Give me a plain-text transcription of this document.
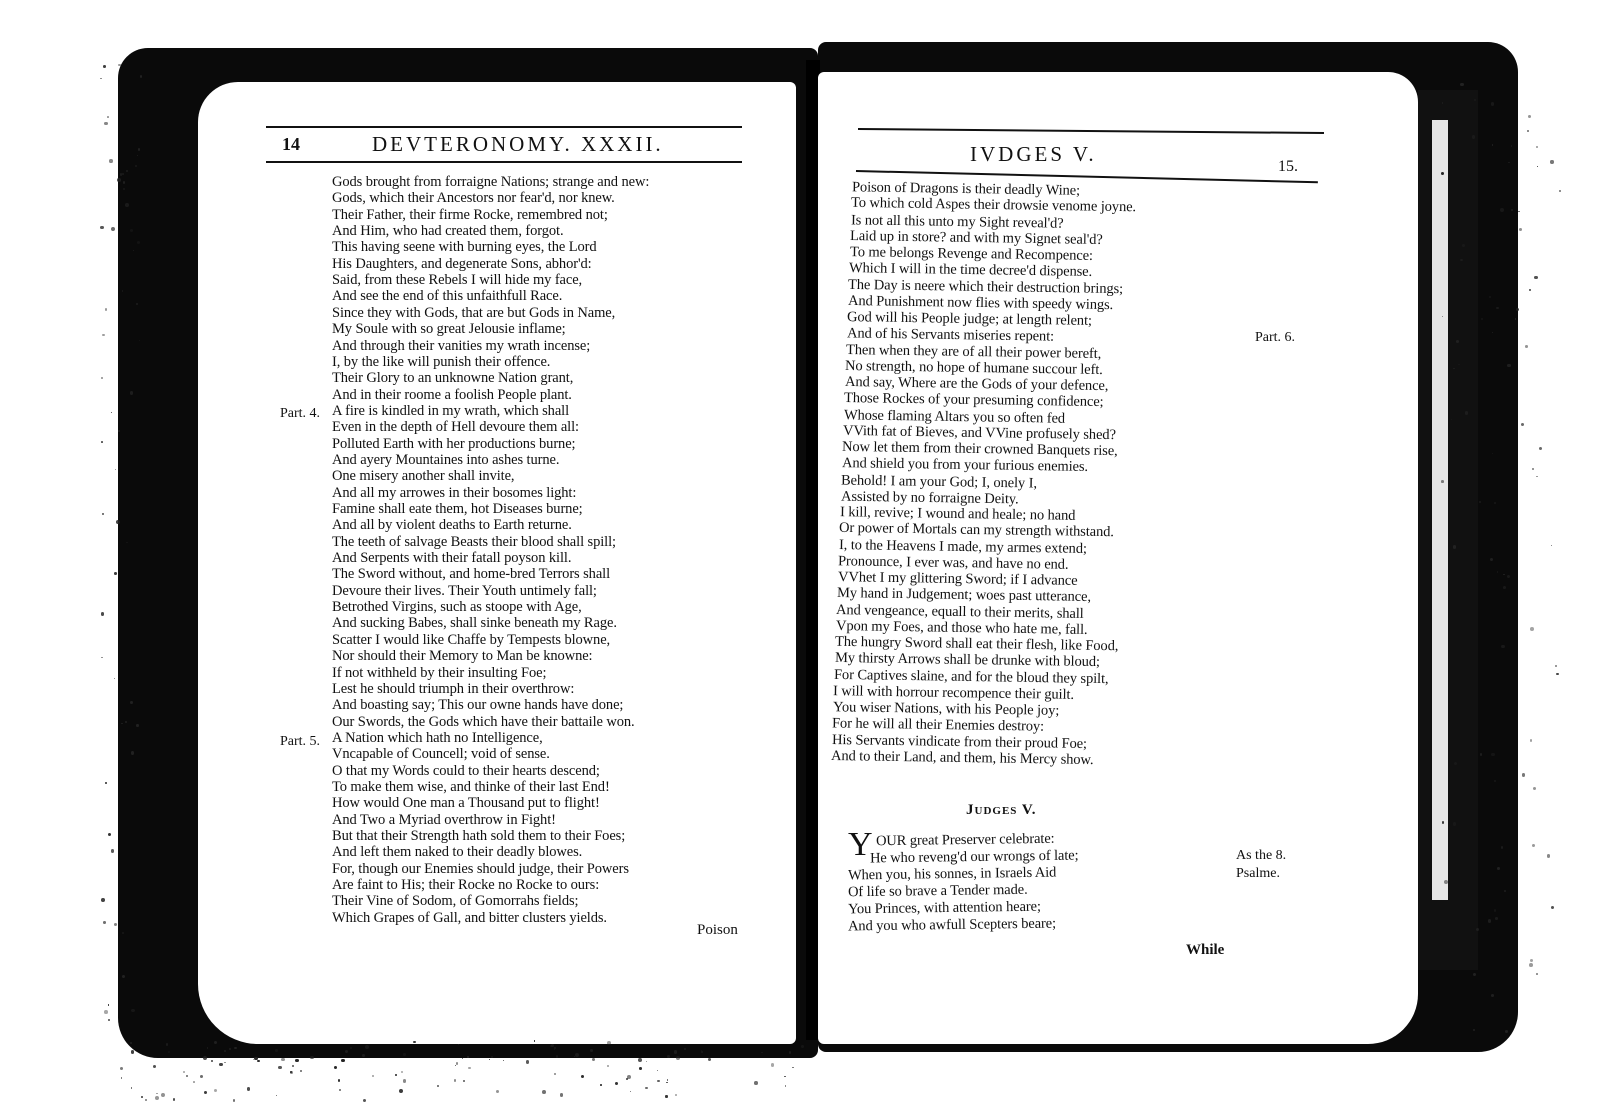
14	DEVTERONOMY. XXXII.
Gods brought from forraigne Nations; strange and new:
Gods, which their Ancestors nor fear'd, nor knew.
Their Father, their firme Rocke, remembred not;
And Him, who had created them, forgot.
This having seene with burning eyes, the Lord
His Daughters, and degenerate Sons, abhor'd:
Said, from these Rebels I will hide my face,
And see the end of this unfaithfull Race.
Since they with Gods, that are but Gods in Name,
My Soule with so great Jelousie inflame;
And through their vanities my wrath incense;
I, by the like will punish their offence.
Their Glory to an unknowne Nation grant,
And in their roome a foolish People plant.
A fire is kindled in my wrath, which shall
Even in the depth of Hell devoure them all:
Polluted Earth with her productions burne;
And ayery Mountaines into ashes turne.
One misery another shall invite,
And all my arrowes in their bosomes light:
Famine shall eate them, hot Diseases burne;
And all by violent deaths to Earth returne.
The teeth of salvage Beasts their blood shall spill;
And Serpents with their fatall poyson kill.
The Sword without, and home-bred Terrors shall
Devoure their lives. Their Youth untimely fall;
Betrothed Virgins, such as stoope with Age,
And sucking Babes, shall sinke beneath my Rage.
Scatter I would like Chaffe by Tempests blowne,
Nor should their Memory to Man be knowne:
If not withheld by their insulting Foe;
Lest he should triumph in their overthrow:
And boasting say; This our owne hands have done;
Our Swords, the Gods which have their battaile won.
A Nation which hath no Intelligence,
Vncapable of Councell; void of sense.
O that my Words could to their hearts descend;
To make them wise, and thinke of their last End!
How would One man a Thousand put to flight!
And Two a Myriad overthrow in Fight!
But that their Strength hath sold them to their Foes;
And left them naked to their deadly blowes.
For, though our Enemies should judge, their Powers
Are faint to His; their Rocke no Rocke to ours:
Their Vine of Sodom, of Gomorrahs fields;
Which Grapes of Gall, and bitter clusters yields.
Part. 4.
Part. 5.
Poison
IVDGES V.
15.
Poison of Dragons is their deadly Wine;
To which cold Aspes their drowsie venome joyne.
Is not all this unto my Sight reveal'd?
Laid up in store? and with my Signet seal'd?
To me belongs Revenge and Recompence:
Which I will in the time decree'd dispense.
The Day is neere which their destruction brings;
And Punishment now flies with speedy wings.
God will his People judge; at length relent;
And of his Servants miseries repent:
Then when they are of all their power bereft,
No strength, no hope of humane succour left.
And say, Where are the Gods of your defence,
Those Rockes of your presuming confidence;
Whose flaming Altars you so often fed
VVith fat of Bieves, and VVine profusely shed?
Now let them from their crowned Banquets rise,
And shield you from your furious enemies.
Behold! I am your God; I, onely I,
Assisted by no forraigne Deity.
I kill, revive; I wound and heale; no hand
Or power of Mortals can my strength withstand.
I, to the Heavens I made, my armes extend;
Pronounce, I ever was, and have no end.
VVhet I my glittering Sword; if I advance
My hand in Judgement; woes past utterance,
And vengeance, equall to their merits, shall
Vpon my Foes, and those who hate me, fall.
The hungry Sword shall eat their flesh, like Food,
My thirsty Arrows shall be drunke with bloud;
For Captives slaine, and for the bloud they spilt,
I will with horrour recompence their guilt.
You wiser Nations, with his People joy;
For he will all their Enemies destroy:
His Servants vindicate from their proud Foe;
And to their Land, and them, his Mercy show.
Part. 6.
Judges V.
Y OUR great Preserver celebrate:
He who reveng'd our wrongs of late;
When you, his sonnes, in Israels Aid
Of life so brave a Tender made.
You Princes, with attention heare;
And you who awfull Scepters beare;
As the 8.
Psalme.
While
